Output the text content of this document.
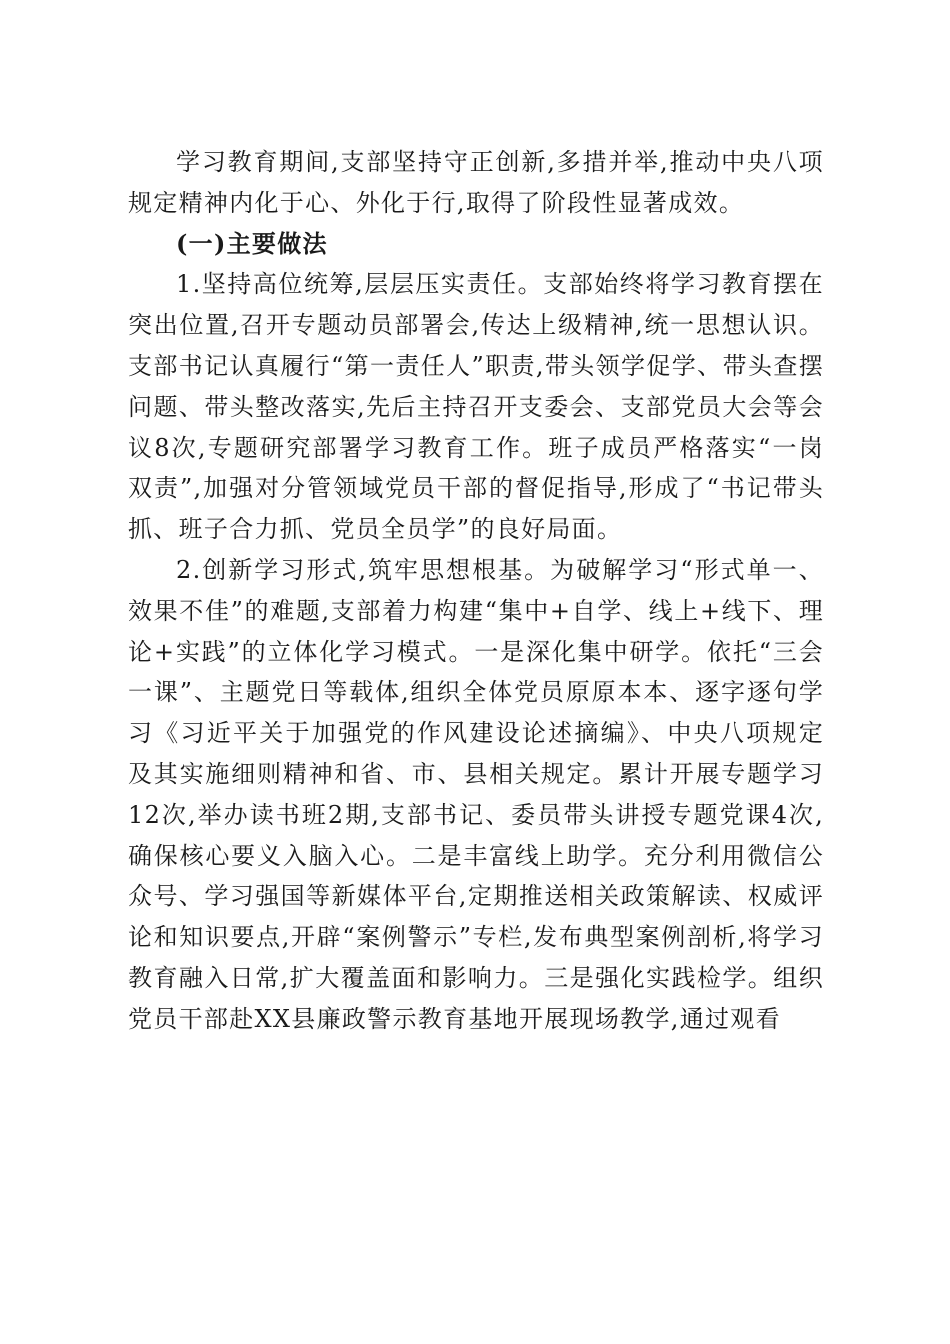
学习教育期间,支部坚持守正创新,多措并举,推动中央八项规定精神内化于心、外化于行,取得了阶段性显著成效。

(一)主要做法

1.坚持高位统筹,层层压实责任。支部始终将学习教育摆在突出位置,召开专题动员部署会,传达上级精神,统一思想认识。支部书记认真履行“第一责任人”职责,带头领学促学、带头查摆问题、带头整改落实,先后主持召开支委会、支部党员大会等会议8次,专题研究部署学习教育工作。班子成员严格落实“一岗双责”,加强对分管领域党员干部的督促指导,形成了“书记带头抓、班子合力抓、党员全员学”的良好局面。

2.创新学习形式,筑牢思想根基。为破解学习“形式单一、效果不佳”的难题,支部着力构建“集中+自学、线上+线下、理论+实践”的立体化学习模式。一是深化集中研学。依托“三会一课”、主题党日等载体,组织全体党员原原本本、逐字逐句学习《习近平关于加强党的作风建设论述摘编》、中央八项规定及其实施细则精神和省、市、县相关规定。累计开展专题学习12次,举办读书班2期,支部书记、委员带头讲授专题党课4次,确保核心要义入脑入心。二是丰富线上助学。充分利用微信公众号、学习强国等新媒体平台,定期推送相关政策解读、权威评论和知识要点,开辟“案例警示”专栏,发布典型案例剖析,将学习教育融入日常,扩大覆盖面和影响力。三是强化实践检学。组织党员干部赴XX县廉政警示教育基地开展现场教学,通过观看
